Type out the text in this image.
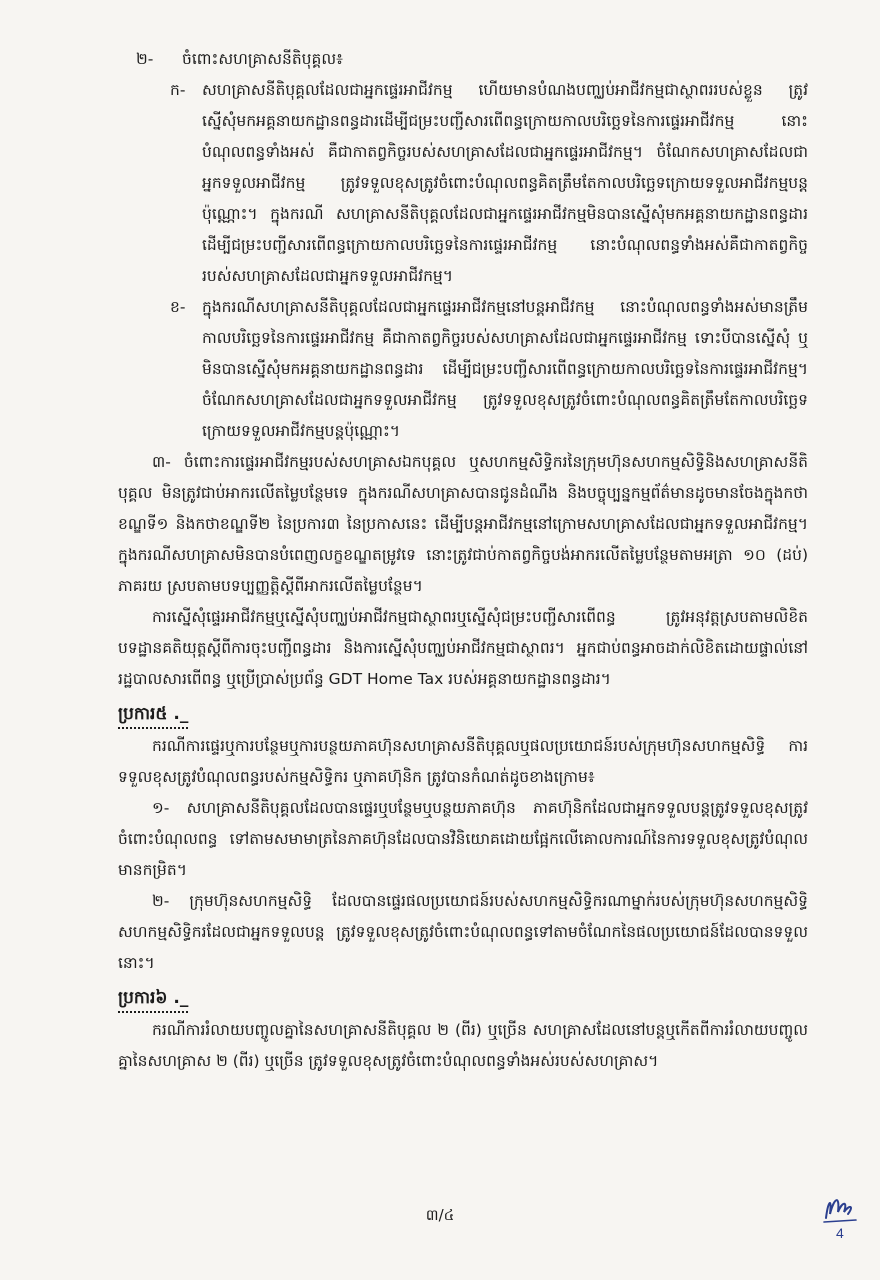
២-	ចំពោះសហគ្រាសនីតិបុគ្គល៖
ក-	សហគ្រាសនីតិបុគ្គលដែលជាអ្នកផ្ទេរអាជីវកម្ម ហើយមានបំណងបញ្ឈប់អាជីវកម្មជាស្ថាពររបស់ខ្លួន ត្រូវស្នើសុំមកអគ្គនាយកដ្ឋានពន្ធដារដើម្បីជម្រះបញ្ជីសារពើពន្ធក្រោយកាលបរិច្ឆេទនៃការផ្ទេរអាជីវកម្ម នោះបំណុលពន្ធទាំងអស់ គឺជាកាតព្វកិច្ចរបស់សហគ្រាសដែលជាអ្នកផ្ទេរអាជីវកម្ម។ ចំណែកសហគ្រាសដែលជាអ្នកទទួលអាជីវកម្ម ត្រូវទទួលខុសត្រូវចំពោះបំណុលពន្ធគិតត្រឹមតែកាលបរិច្ឆេទក្រោយទទួលអាជីវកម្មបន្តប៉ុណ្ណោះ។ ក្នុងករណី សហគ្រាសនីតិបុគ្គលដែលជាអ្នកផ្ទេរអាជីវកម្មមិនបានស្នើសុំមកអគ្គនាយកដ្ឋានពន្ធដារដើម្បីជម្រះបញ្ជីសារពើពន្ធក្រោយកាលបរិច្ឆេទនៃការផ្ទេរអាជីវកម្ម នោះបំណុលពន្ធទាំងអស់គឺជាកាតព្វកិច្ចរបស់សហគ្រាសដែលជាអ្នកទទួលអាជីវកម្ម។
ខ-	ក្នុងករណីសហគ្រាសនីតិបុគ្គលដែលជាអ្នកផ្ទេរអាជីវកម្មនៅបន្តអាជីវកម្ម នោះបំណុលពន្ធទាំងអស់មានត្រឹមកាលបរិច្ឆេទនៃការផ្ទេរអាជីវកម្ម គឺជាកាតព្វកិច្ចរបស់សហគ្រាសដែលជាអ្នកផ្ទេរអាជីវកម្ម ទោះបីបានស្នើសុំ ឬមិនបានស្នើសុំមកអគ្គនាយកដ្ឋានពន្ធដារ ដើម្បីជម្រះបញ្ជីសារពើពន្ធក្រោយកាលបរិច្ឆេទនៃការផ្ទេរអាជីវកម្ម។ ចំណែកសហគ្រាសដែលជាអ្នកទទួលអាជីវកម្ម ត្រូវទទួលខុសត្រូវចំពោះបំណុលពន្ធគិតត្រឹមតែកាលបរិច្ឆេទក្រោយទទួលអាជីវកម្មបន្តប៉ុណ្ណោះ។

៣- ចំពោះការផ្ទេរអាជីវកម្មរបស់សហគ្រាសឯកបុគ្គល ឬសហកម្មសិទ្ធិករនៃក្រុមហ៊ុនសហកម្មសិទ្ធិនិងសហគ្រាសនីតិបុគ្គល មិនត្រូវជាប់អាករលើតម្លៃបន្ថែមទេ ក្នុងករណីសហគ្រាសបានជូនដំណឹង និងបច្ចុប្បន្នកម្មព័ត៌មានដូចមានចែងក្នុងកថាខណ្ឌទី១ និងកថាខណ្ឌទី២ នៃប្រការ៣ នៃប្រកាសនេះ ដើម្បីបន្តអាជីវកម្មនៅក្រោមសហគ្រាសដែលជាអ្នកទទួលអាជីវកម្ម។ ក្នុងករណីសហគ្រាសមិនបានបំពេញលក្ខខណ្ឌតម្រូវទេ នោះត្រូវជាប់កាតព្វកិច្ចបង់អាករលើតម្លៃបន្ថែមតាមអត្រា ១០ (ដប់) ភាគរយ ស្របតាមបទប្បញ្ញត្តិស្តីពីអាករលើតម្លៃបន្ថែម។

ការស្នើសុំផ្ទេរអាជីវកម្មឬស្នើសុំបញ្ឈប់អាជីវកម្មជាស្ថាពរឬស្នើសុំជម្រះបញ្ជីសារពើពន្ធ ត្រូវអនុវត្តស្របតាមលិខិតបទដ្ឋានគតិយុត្តស្តីពីការចុះបញ្ជីពន្ធដារ និងការស្នើសុំបញ្ឈប់អាជីវកម្មជាស្ថាពរ។ អ្នកជាប់ពន្ធអាចដាក់លិខិតដោយផ្ទាល់នៅរដ្ឋបាលសារពើពន្ធ ឬប្រើប្រាស់ប្រព័ន្ធ GDT Home Tax របស់អគ្គនាយកដ្ឋានពន្ធដារ។

ប្រការ៥ ._

ករណីការផ្ទេរឬការបន្ថែមឬការបន្ថយភាគហ៊ុនសហគ្រាសនីតិបុគ្គលឬផលប្រយោជន៍របស់ក្រុមហ៊ុនសហកម្មសិទ្ធិ ការទទួលខុសត្រូវបំណុលពន្ធរបស់កម្មសិទ្ធិករ ឬភាគហ៊ុនិក ត្រូវបានកំណត់ដូចខាងក្រោម៖

១- សហគ្រាសនីតិបុគ្គលដែលបានផ្ទេរឬបន្ថែមឬបន្ថយភាគហ៊ុន ភាគហ៊ុនិកដែលជាអ្នកទទួលបន្តត្រូវទទួលខុសត្រូវចំពោះបំណុលពន្ធ ទៅតាមសមាមាត្រនៃភាគហ៊ុនដែលបានវិនិយោគដោយផ្អែកលើគោលការណ៍នៃការទទួលខុសត្រូវបំណុលមានកម្រិត។

២- ក្រុមហ៊ុនសហកម្មសិទ្ធិ ដែលបានផ្ទេរផលប្រយោជន៍របស់សហកម្មសិទ្ធិករណាម្នាក់របស់ក្រុមហ៊ុនសហកម្មសិទ្ធិ សហកម្មសិទ្ធិករដែលជាអ្នកទទួលបន្ត ត្រូវទទួលខុសត្រូវចំពោះបំណុលពន្ធទៅតាមចំណែកនៃផលប្រយោជន៍ដែលបានទទួលនោះ។

ប្រការ៦ ._

ករណីការរំលាយបញ្ចូលគ្នានៃសហគ្រាសនីតិបុគ្គល ២ (ពីរ) ឬច្រើន សហគ្រាសដែលនៅបន្តឬកើតពីការរំលាយបញ្ចូលគ្នានៃសហគ្រាស ២ (ពីរ) ឬច្រើន ត្រូវទទួលខុសត្រូវចំពោះបំណុលពន្ធទាំងអស់របស់សហគ្រាស។

៣/៤
4
